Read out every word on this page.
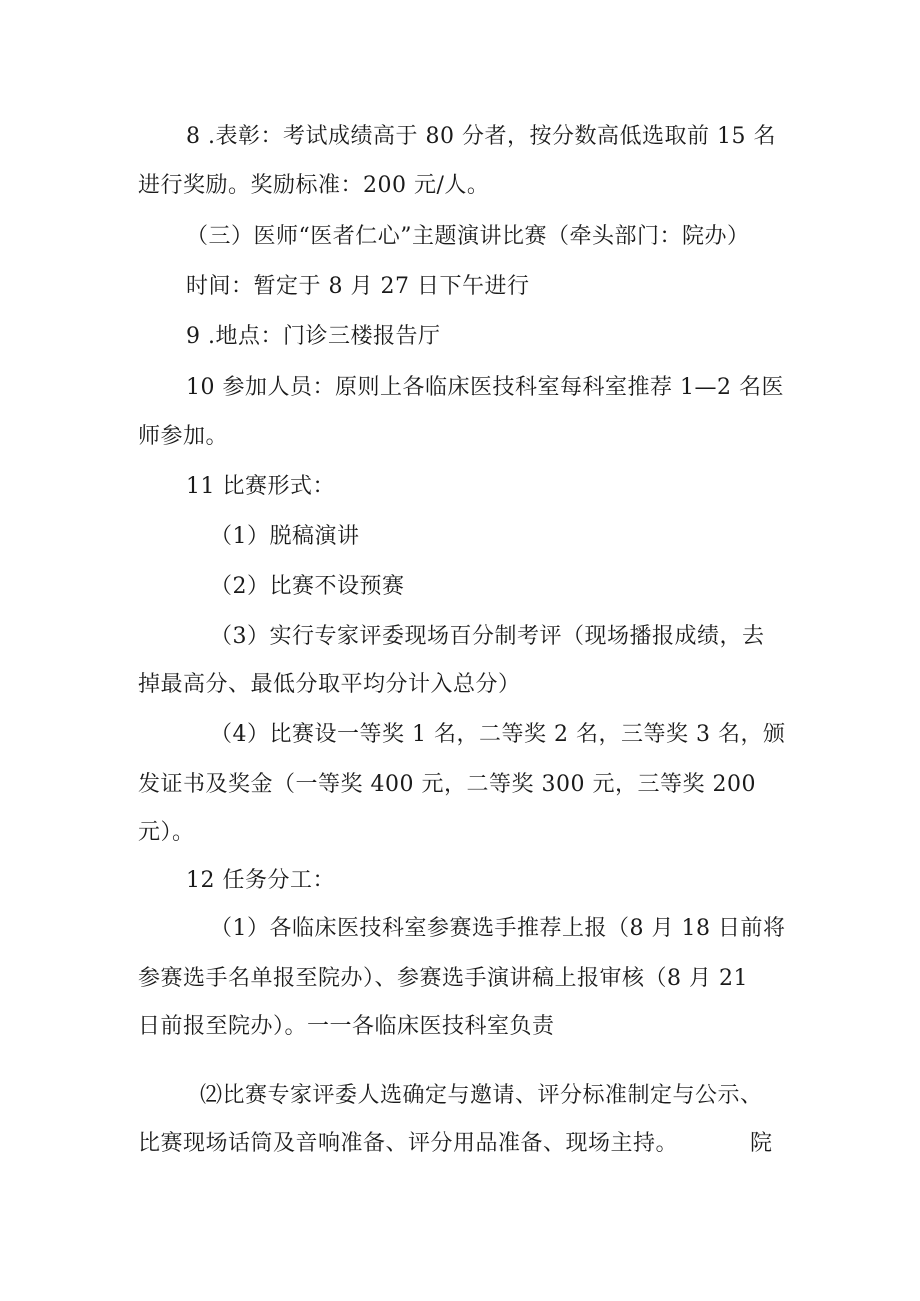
8 .表彰：考试成绩高于 80 分者，按分数高低选取前 15 名
进行奖励。奖励标准：200 元/人。
（三）医师“医者仁心”主题演讲比赛（牵头部门：院办）
时间：暂定于 8 月 27 日下午进行
9 .地点：门诊三楼报告厅
10 参加人员：原则上各临床医技科室每科室推荐 1—2 名医
师参加。
11 比赛形式：
（1）脱稿演讲
（2）比赛不设预赛
（3）实行专家评委现场百分制考评（现场播报成绩，去
掉最高分、最低分取平均分计入总分）
（4）比赛设一等奖 1 名，二等奖 2 名，三等奖 3 名，颁
发证书及奖金（一等奖 400 元，二等奖 300 元，三等奖 200
元）。
12 任务分工：
（1）各临床医技科室参赛选手推荐上报（8 月 18 日前将
参赛选手名单报至院办）、参赛选手演讲稿上报审核（8 月 21
日前报至院办）。一一各临床医技科室负责
⑵比赛专家评委人选确定与邀请、评分标准制定与公示、
比赛现场话筒及音响准备、评分用品准备、现场主持。	院
